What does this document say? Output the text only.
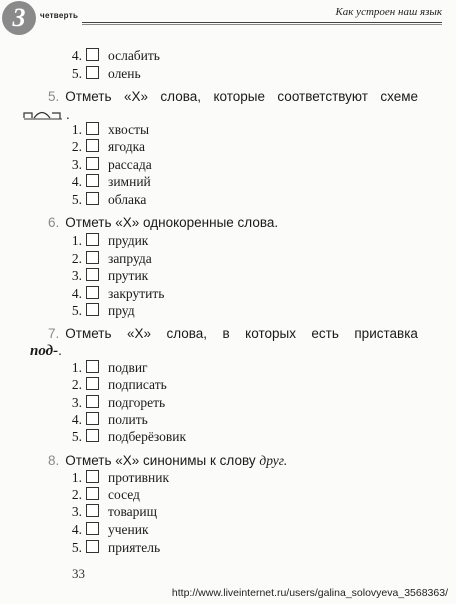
3	четверть	Как устроен наш язык
4. ослабить
5. олень
5. Отметь «Х» слова, которые соответствуют схеме
.
1. хвосты
2. ягодка
3. рассада
4. зимний
5. облака
6. Отметь «Х» однокоренные слова.
1. прудик
2. запруда
3. прутик
4. закрутить
5. пруд
7. Отметь «Х» слова, в которых есть приставка
под-.
1. подвиг
2. подписать
3. подгореть
4. полить
5. подберёзовик
8. Отметь «Х» синонимы к слову друг.
1. противник
2. сосед
3. товарищ
4. ученик
5. приятель
33
http://www.liveinternet.ru/users/galina_solovyeva_3568363/
